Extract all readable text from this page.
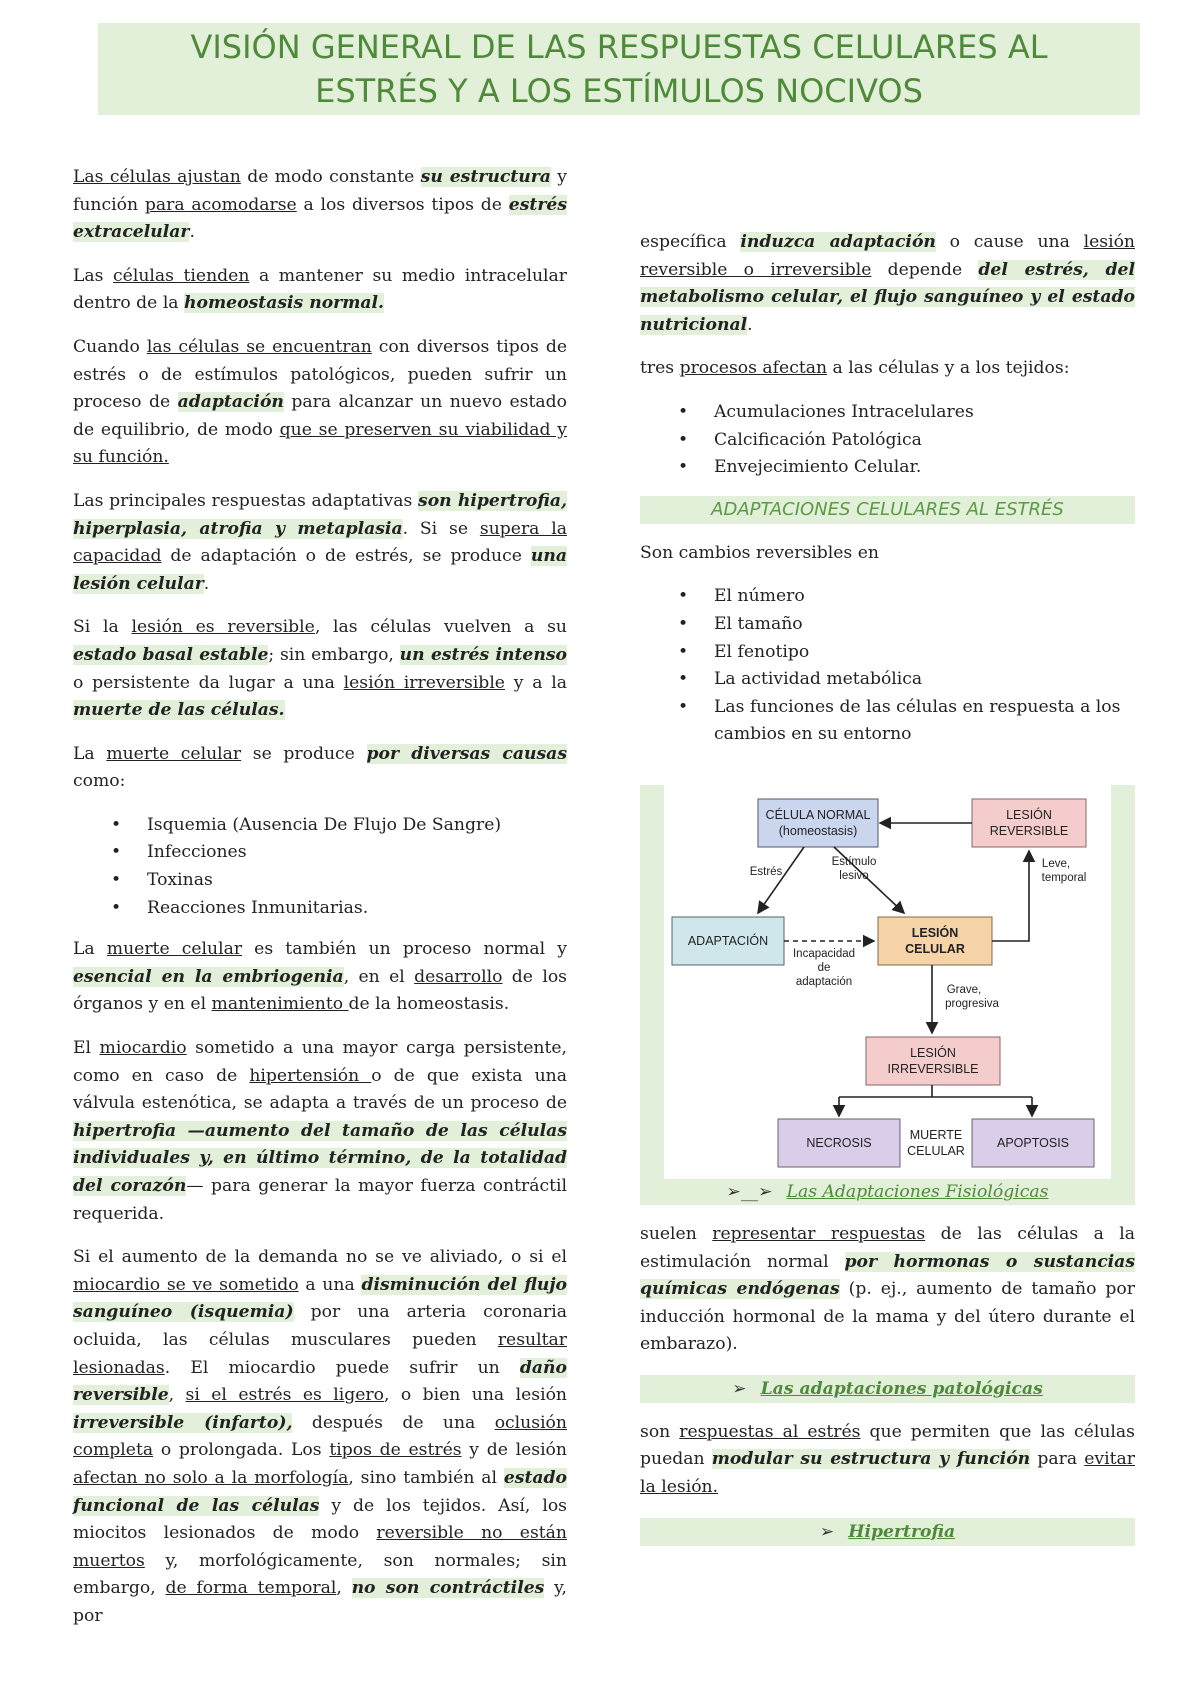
VISIÓN GENERAL DE LAS RESPUESTAS CELULARES AL
ESTRÉS Y A LOS ESTÍMULOS NOCIVOS

Las células ajustan de modo constante su estructura y función para acomodarse a los diversos tipos de estrés extracelular.

Las células tienden a mantener su medio intracelular dentro de la homeostasis normal.

Cuando las células se encuentran con diversos tipos de estrés o de estímulos patológicos, pueden sufrir un proceso de adaptación para alcanzar un nuevo estado de equilibrio, de modo que se preserven su viabilidad y su función.

Las principales respuestas adaptativas son hipertrofia, hiperplasia, atrofia y metaplasia. Si se supera la capacidad de adaptación o de estrés, se produce una lesión celular.

Si la lesión es reversible, las células vuelven a su estado basal estable; sin embargo, un estrés intenso o persistente da lugar a una lesión irreversible y a la muerte de las células.

La muerte celular se produce por diversas causas como:

• Isquemia (Ausencia De Flujo De Sangre)
• Infecciones
• Toxinas
• Reacciones Inmunitarias.

La muerte celular es también un proceso normal y esencial en la embriogenia, en el desarrollo de los órganos y en el mantenimiento de la homeostasis.

El miocardio sometido a una mayor carga persistente, como en caso de hipertensión o de que exista una válvula estenótica, se adapta a través de un proceso de hipertrofia —aumento del tamaño de las células individuales y, en último término, de la totalidad del corazón— para generar la mayor fuerza contráctil requerida.

Si el aumento de la demanda no se ve aliviado, o si el miocardio se ve sometido a una disminución del flujo sanguíneo (isquemia) por una arteria coronaria ocluida, las células musculares pueden resultar lesionadas. El miocardio puede sufrir un daño reversible, si el estrés es ligero, o bien una lesión irreversible (infarto), después de una oclusión completa o prolongada. Los tipos de estrés y de lesión afectan no solo a la morfología, sino también al estado funcional de las células y de los tejidos. Así, los miocitos lesionados de modo reversible no están muertos y, morfológicamente, son normales; sin embargo, de forma temporal, no son contráctiles y, por

específica induzca adaptación o cause una lesión reversible o irreversible depende del estrés, del metabolismo celular, el flujo sanguíneo y el estado nutricional.

tres procesos afectan a las células y a los tejidos:

• Acumulaciones Intracelulares
• Calcificación Patológica
• Envejecimiento Celular.
ADAPTACIONES CELULARES AL ESTRÉS

Son cambios reversibles en

• El número
• El tamaño
• El fenotipo
• La actividad metabólica
• Las funciones de las células en respuesta a los cambios en su entorno
CÉLULA NORMAL
(homeostasis)
LESIÓN
REVERSIBLE
ADAPTACIÓN
LESIÓN
CELULAR
LESIÓN
IRREVERSIBLE
NECROSIS	APOPTOSIS
MUERTE
CELULAR
Estrés
Estímulo
lesivo
Leve,
temporal
Incapacidad
de
adaptación
Grave,
progresiva
➢__➢ Las Adaptaciones Fisiológicas

suelen representar respuestas de las células a la estimulación normal por hormonas o sustancias químicas endógenas (p. ej., aumento de tamaño por inducción hormonal de la mama y del útero durante el embarazo).

➢ Las adaptaciones patológicas

son respuestas al estrés que permiten que las células puedan modular su estructura y función para evitar la lesión.

➢ Hipertrofia
